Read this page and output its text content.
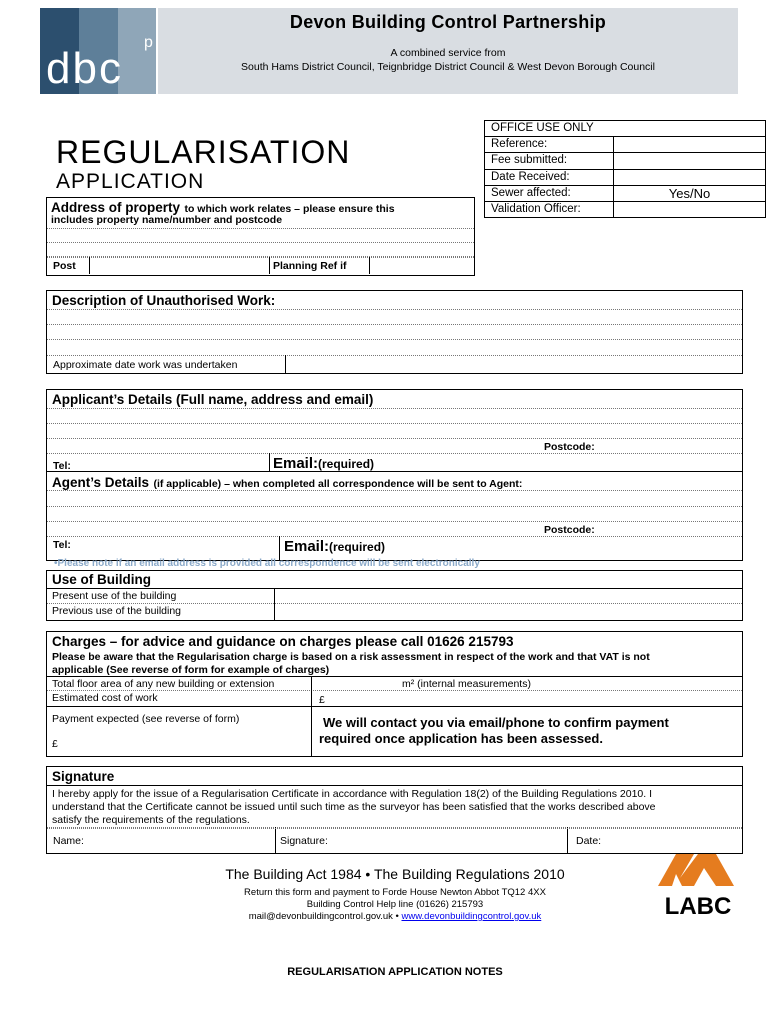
dbc
p
Devon Building Control Partnership
A combined service from
South Hams District Council, Teignbridge District Council & West Devon Borough Council
REGULARISATION
APPLICATION
OFFICE USE ONLY
Reference:
Fee submitted:
Date Received:
Sewer affected:	Yes/No
Validation Officer:
Address of property to which work relates – please ensure this
includes property name/number and postcode
Post	Planning Ref if
Description of Unauthorised Work:
Approximate date work was undertaken
Applicant’s Details (Full name, address and email)
Postcode:
Tel:	Email:(required)
Agent’s Details (if applicable) – when completed all correspondence will be sent to Agent:
Postcode:
Tel:	Email:(required)
•Please note if an email address is provided all correspondence will be sent electronically
Use of Building
Present use of the building
Previous use of the building
Charges – for advice and guidance on charges please call 01626 215793
Please be aware that the Regularisation charge is based on a risk assessment in respect of the work and that VAT is not
applicable (See reverse of form for example of charges)
Total floor area of any new building or extension	m² (internal measurements)
Estimated cost of work	£
Payment expected (see reverse of form)
£
We will contact you via email/phone to confirm payment
required once application has been assessed.
Signature
I hereby apply for the issue of a Regularisation Certificate in accordance with Regulation 18(2) of the Building Regulations 2010. I
understand that the Certificate cannot be issued until such time as the surveyor has been satisfied that the works described above
satisfy the requirements of the regulations.
Name:	Signature:	Date:
The Building Act 1984 • The Building Regulations 2010
Return this form and payment to Forde House Newton Abbot TQ12 4XX
Building Control Help line (01626) 215793
mail@devonbuildingcontrol.gov.uk • www.devonbuildingcontrol.gov.uk	LABC
REGULARISATION APPLICATION NOTES
